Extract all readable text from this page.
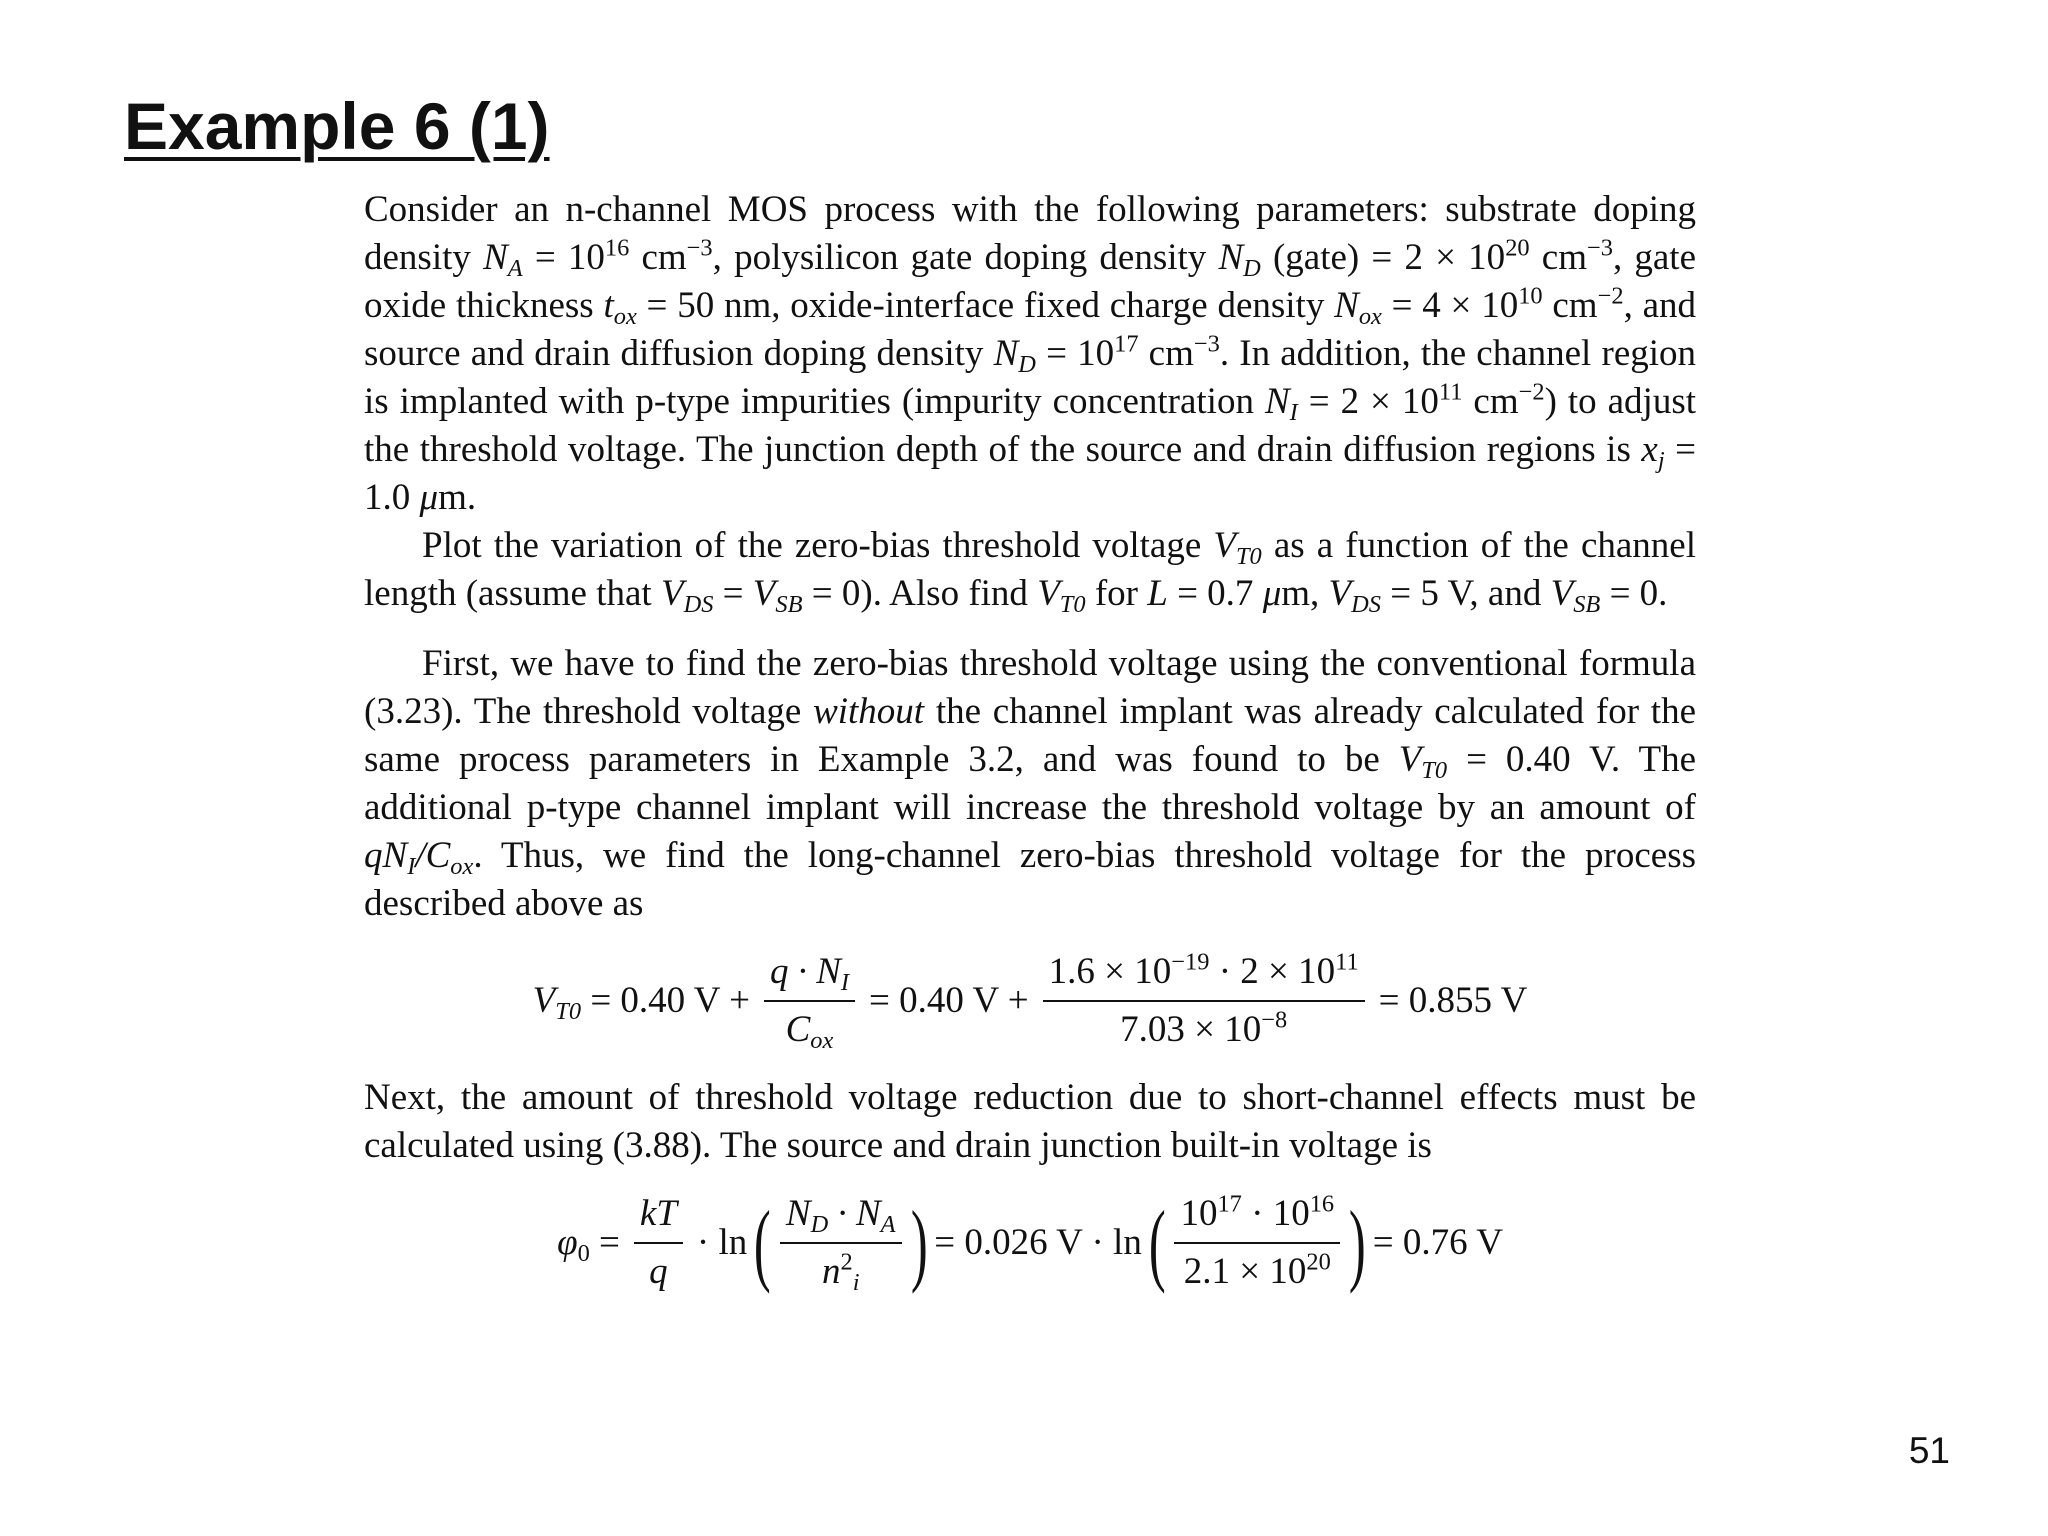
Example 6 (1)

Consider an n-channel MOS process with the following parameters: substrate doping density $N_A = 10^{16}$ $cm^{-3}$, polysilicon gate doping density $N_D$ (gate) = $2 \times 10^{20}$ $cm^{-3}$, gate oxide thickness $t_{ox} = 50$ nm, oxide-interface fixed charge density $N_{ox} = 4 \times 10^{10}$ $cm^{-2}$, and source and drain diffusion doping density $N_D = 10^{17}$ $cm^{-3}$. In addition, the channel region is implanted with p-type impurities (impurity concentration $N_I = 2 \times 10^{11}$ $cm^{-2}$) to adjust the threshold voltage. The junction depth of the source and drain diffusion regions is $x_j = 1.0$ μm.

Plot the variation of the zero-bias threshold voltage $V_{T0}$ as a function of the channel length (assume that $V_{DS} = V_{SB} = 0$). Also find $V_{T0}$ for L = 0.7 μm, $V_{DS} = 5$ V, and $V_{SB} = 0$.

First, we have to find the zero-bias threshold voltage using the conventional formula (3.23). The threshold voltage without the channel implant was already calculated for the same process parameters in Example 3.2, and was found to be $V_{T0} = 0.40$ V. The additional p-type channel implant will increase the threshold voltage by an amount of $qN_I/C_{ox}$. Thus, we find the long-channel zero-bias threshold voltage for the process described above as

$V_{T0} = 0.40$ $V + \frac{q \cdot N_I}{C_{ox}} = 0.40$ $V + \frac{1.6 \times 10^{-19} \cdot 2 \times 10^{11}}{7.03 \times 10^{-8}} = 0.855$ V

Next, the amount of threshold voltage reduction due to short-channel effects must be calculated using (3.88). The source and drain junction built-in voltage is

$\varphi_0 = \frac{kT}{q} \cdot \ln$ ( $\frac{N_D \cdot N_A}{n^2_i}$ ) = 0.026 V · ln ( $\frac{10^{17} \cdot 10^{16}}{2.1 \times 10^{20}}$ ) = 0.76 V
51
